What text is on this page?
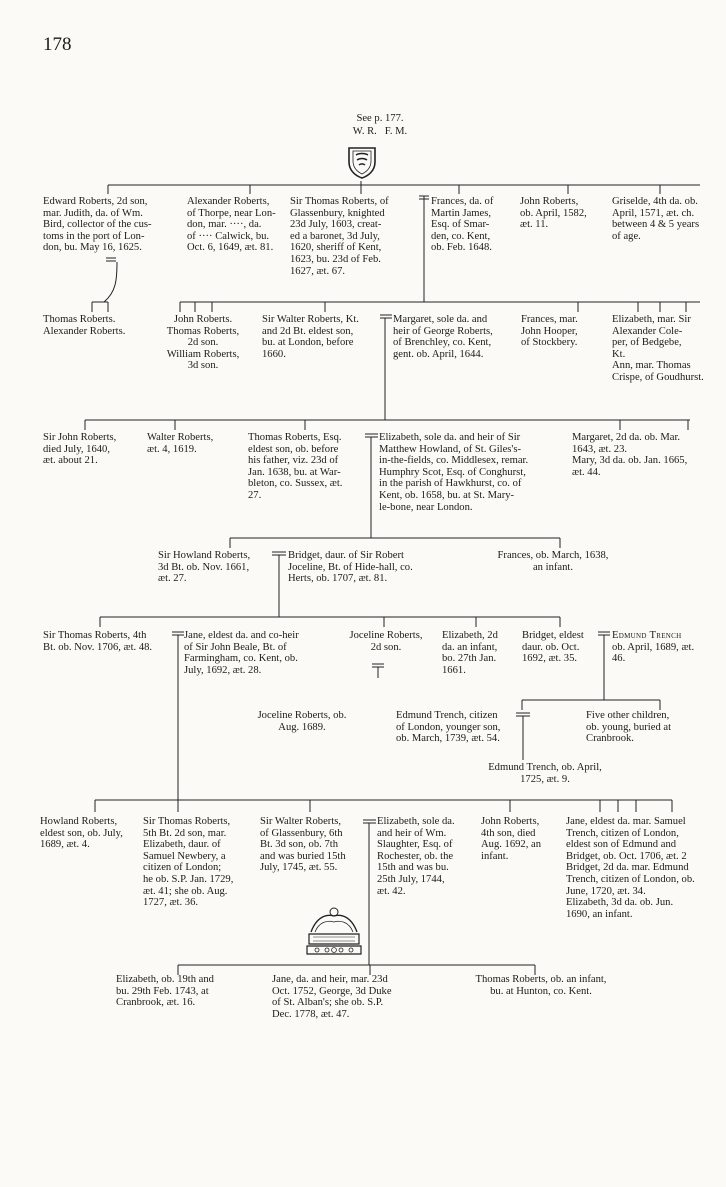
178
See p. 177.
W. R.   F. M.
Edward Roberts, 2d son,
mar. Judith, da. of Wm.
Bird, collector of the cus-
toms in the port of Lon-
don, bu. May 16, 1625.
Alexander Roberts,
of Thorpe, near Lon-
don, mar. ····, da.
of ···· Calwick, bu.
Oct. 6, 1649, æt. 81.
Sir Thomas Roberts, of
Glassenbury, knighted
23d July, 1603, creat-
ed a baronet, 3d July,
1620, sheriff of Kent,
1623, bu. 23d of Feb.
1627, æt. 67.
Frances, da. of
Martin James,
Esq. of Smar-
den, co. Kent,
ob. Feb. 1648.
John Roberts,
ob. April, 1582,
æt. 11.
Griselde, 4th da. ob.
April, 1571, æt. ch.
between 4 & 5 years
of age.
Thomas Roberts.
Alexander Roberts.
John Roberts.
Thomas Roberts,
2d son.
William Roberts,
3d son.
Sir Walter Roberts, Kt.
and 2d Bt. eldest son,
bu. at London, before
1660.
Margaret, sole da. and
heir of George Roberts,
of Brenchley, co. Kent,
gent. ob. April, 1644.
Frances, mar.
John Hooper,
of Stockbery.
Elizabeth, mar. Sir
Alexander Cole-
per, of Bedgebe,
Kt.
Ann, mar. Thomas
Crispe, of Goudhurst.
Sir John Roberts,
died July, 1640,
æt. about 21.
Walter Roberts,
æt. 4, 1619.
Thomas Roberts, Esq.
eldest son, ob. before
his father, viz. 23d of
Jan. 1638, bu. at War-
bleton, co. Sussex, æt.
27.
Elizabeth, sole da. and heir of Sir
Matthew Howland, of St. Giles's-
in-the-fields, co. Middlesex, remar.
Humphry Scot, Esq. of Conghurst,
in the parish of Hawkhurst, co. of
Kent, ob. 1658, bu. at St. Mary-
le-bone, near London.
Margaret, 2d da. ob. Mar.
1643, æt. 23.
Mary, 3d da. ob. Jan. 1665,
æt. 44.
Sir Howland Roberts,
3d Bt. ob. Nov. 1661,
æt. 27.
Bridget, daur. of Sir Robert
Joceline, Bt. of Hide-hall, co.
Herts, ob. 1707, æt. 81.
Frances, ob. March, 1638,
an infant.
Sir Thomas Roberts, 4th
Bt. ob. Nov. 1706, æt. 48.
Jane, eldest da. and co-heir
of Sir John Beale, Bt. of
Farmingham, co. Kent, ob.
July, 1692, æt. 28.
Joceline Roberts,
2d son.
Elizabeth, 2d
da. an infant,
bo. 27th Jan.
1661.
Bridget, eldest
daur. ob. Oct.
1692, æt. 35.
Edmund Trench
ob. April, 1689, æt.
46.
Joceline Roberts, ob.
Aug. 1689.
Edmund Trench, citizen
of London, younger son,
ob. March, 1739, æt. 54.
Five other children,
ob. young, buried at
Cranbrook.
Edmund Trench, ob. April,
1725, æt. 9.
Howland Roberts,
eldest son, ob. July,
1689, æt. 4.
Sir Thomas Roberts,
5th Bt. 2d son, mar.
Elizabeth, daur. of
Samuel Newbery, a
citizen of London;
he ob. S.P. Jan. 1729,
æt. 41; she ob. Aug.
1727, æt. 36.
Sir Walter Roberts,
of Glassenbury, 6th
Bt. 3d son, ob. 7th
and was buried 15th
July, 1745, æt. 55.
Elizabeth, sole da.
and heir of Wm.
Slaughter, Esq. of
Rochester, ob. the
15th and was bu.
25th July, 1744,
æt. 42.
John Roberts,
4th son, died
Aug. 1692, an
infant.
Jane, eldest da. mar. Samuel
Trench, citizen of London,
eldest son of Edmund and
Bridget, ob. Oct. 1706, æt. 2
Bridget, 2d da. mar. Edmund
Trench, citizen of London, ob.
June, 1720, æt. 34.
Elizabeth, 3d da. ob. Jun.
1690, an infant.
Elizabeth, ob. 19th and
bu. 29th Feb. 1743, at
Cranbrook, æt. 16.
Jane, da. and heir, mar. 23d
Oct. 1752, George, 3d Duke
of St. Alban's; she ob. S.P.
Dec. 1778, æt. 47.
Thomas Roberts, ob. an infant,
bu. at Hunton, co. Kent.
